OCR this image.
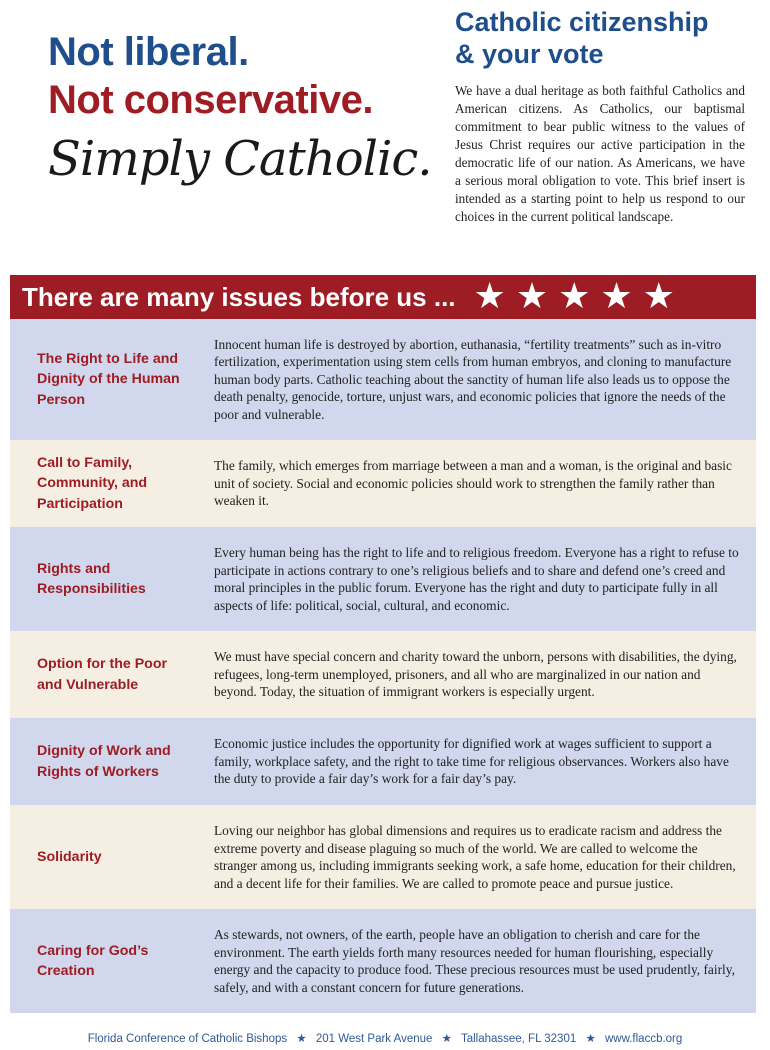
Not liberal.
Not conservative.
Simply Catholic.
Catholic citizenship
& your vote
We have a dual heritage as both faithful Catholics and American citizens. As Catholics, our baptismal commitment to bear public witness to the values of Jesus Christ requires our active participation in the democratic life of our nation. As Americans, we have a serious moral obligation to vote. This brief insert is intended as a starting point to help us respond to our choices in the current political landscape.
There are many issues before us ... ★ ★ ★ ★ ★
The Right to Life and Dignity of the Human Person
Innocent human life is destroyed by abortion, euthanasia, “fertility treatments” such as in-vitro fertilization, experimentation using stem cells from human embryos, and cloning to manufacture human body parts. Catholic teaching about the sanctity of human life also leads us to oppose the death penalty, genocide, torture, unjust wars, and economic policies that ignore the needs of the poor and vulnerable.
Call to Family, Community, and Participation
The family, which emerges from marriage between a man and a woman, is the original and basic unit of society. Social and economic policies should work to strengthen the family rather than weaken it.
Rights and Responsibilities
Every human being has the right to life and to religious freedom. Everyone has a right to refuse to participate in actions contrary to one’s religious beliefs and to share and defend one’s creed and moral principles in the public forum. Everyone has the right and duty to participate fully in all aspects of life: political, social, cultural, and economic.
Option for the Poor and Vulnerable
We must have special concern and charity toward the unborn, persons with disabilities, the dying, refugees, long-term unemployed, prisoners, and all who are marginalized in our nation and beyond. Today, the situation of immigrant workers is especially urgent.
Dignity of Work and Rights of Workers
Economic justice includes the opportunity for dignified work at wages sufficient to support a family, workplace safety, and the right to take time for religious observances. Workers also have the duty to provide a fair day’s work for a fair day’s pay.
Solidarity
Loving our neighbor has global dimensions and requires us to eradicate racism and address the extreme poverty and disease plaguing so much of the world. We are called to welcome the stranger among us, including immigrants seeking work, a safe home, education for their children, and a decent life for their families. We are called to promote peace and pursue justice.
Caring for God’s Creation
As stewards, not owners, of the earth, people have an obligation to cherish and care for the environment. The earth yields forth many resources needed for human flourishing, especially energy and the capacity to produce food. These precious resources must be used prudently, fairly, safely, and with a constant concern for future generations.
Florida Conference of Catholic Bishops ★ 201 West Park Avenue ★ Tallahassee, FL 32301 ★ www.flaccb.org
